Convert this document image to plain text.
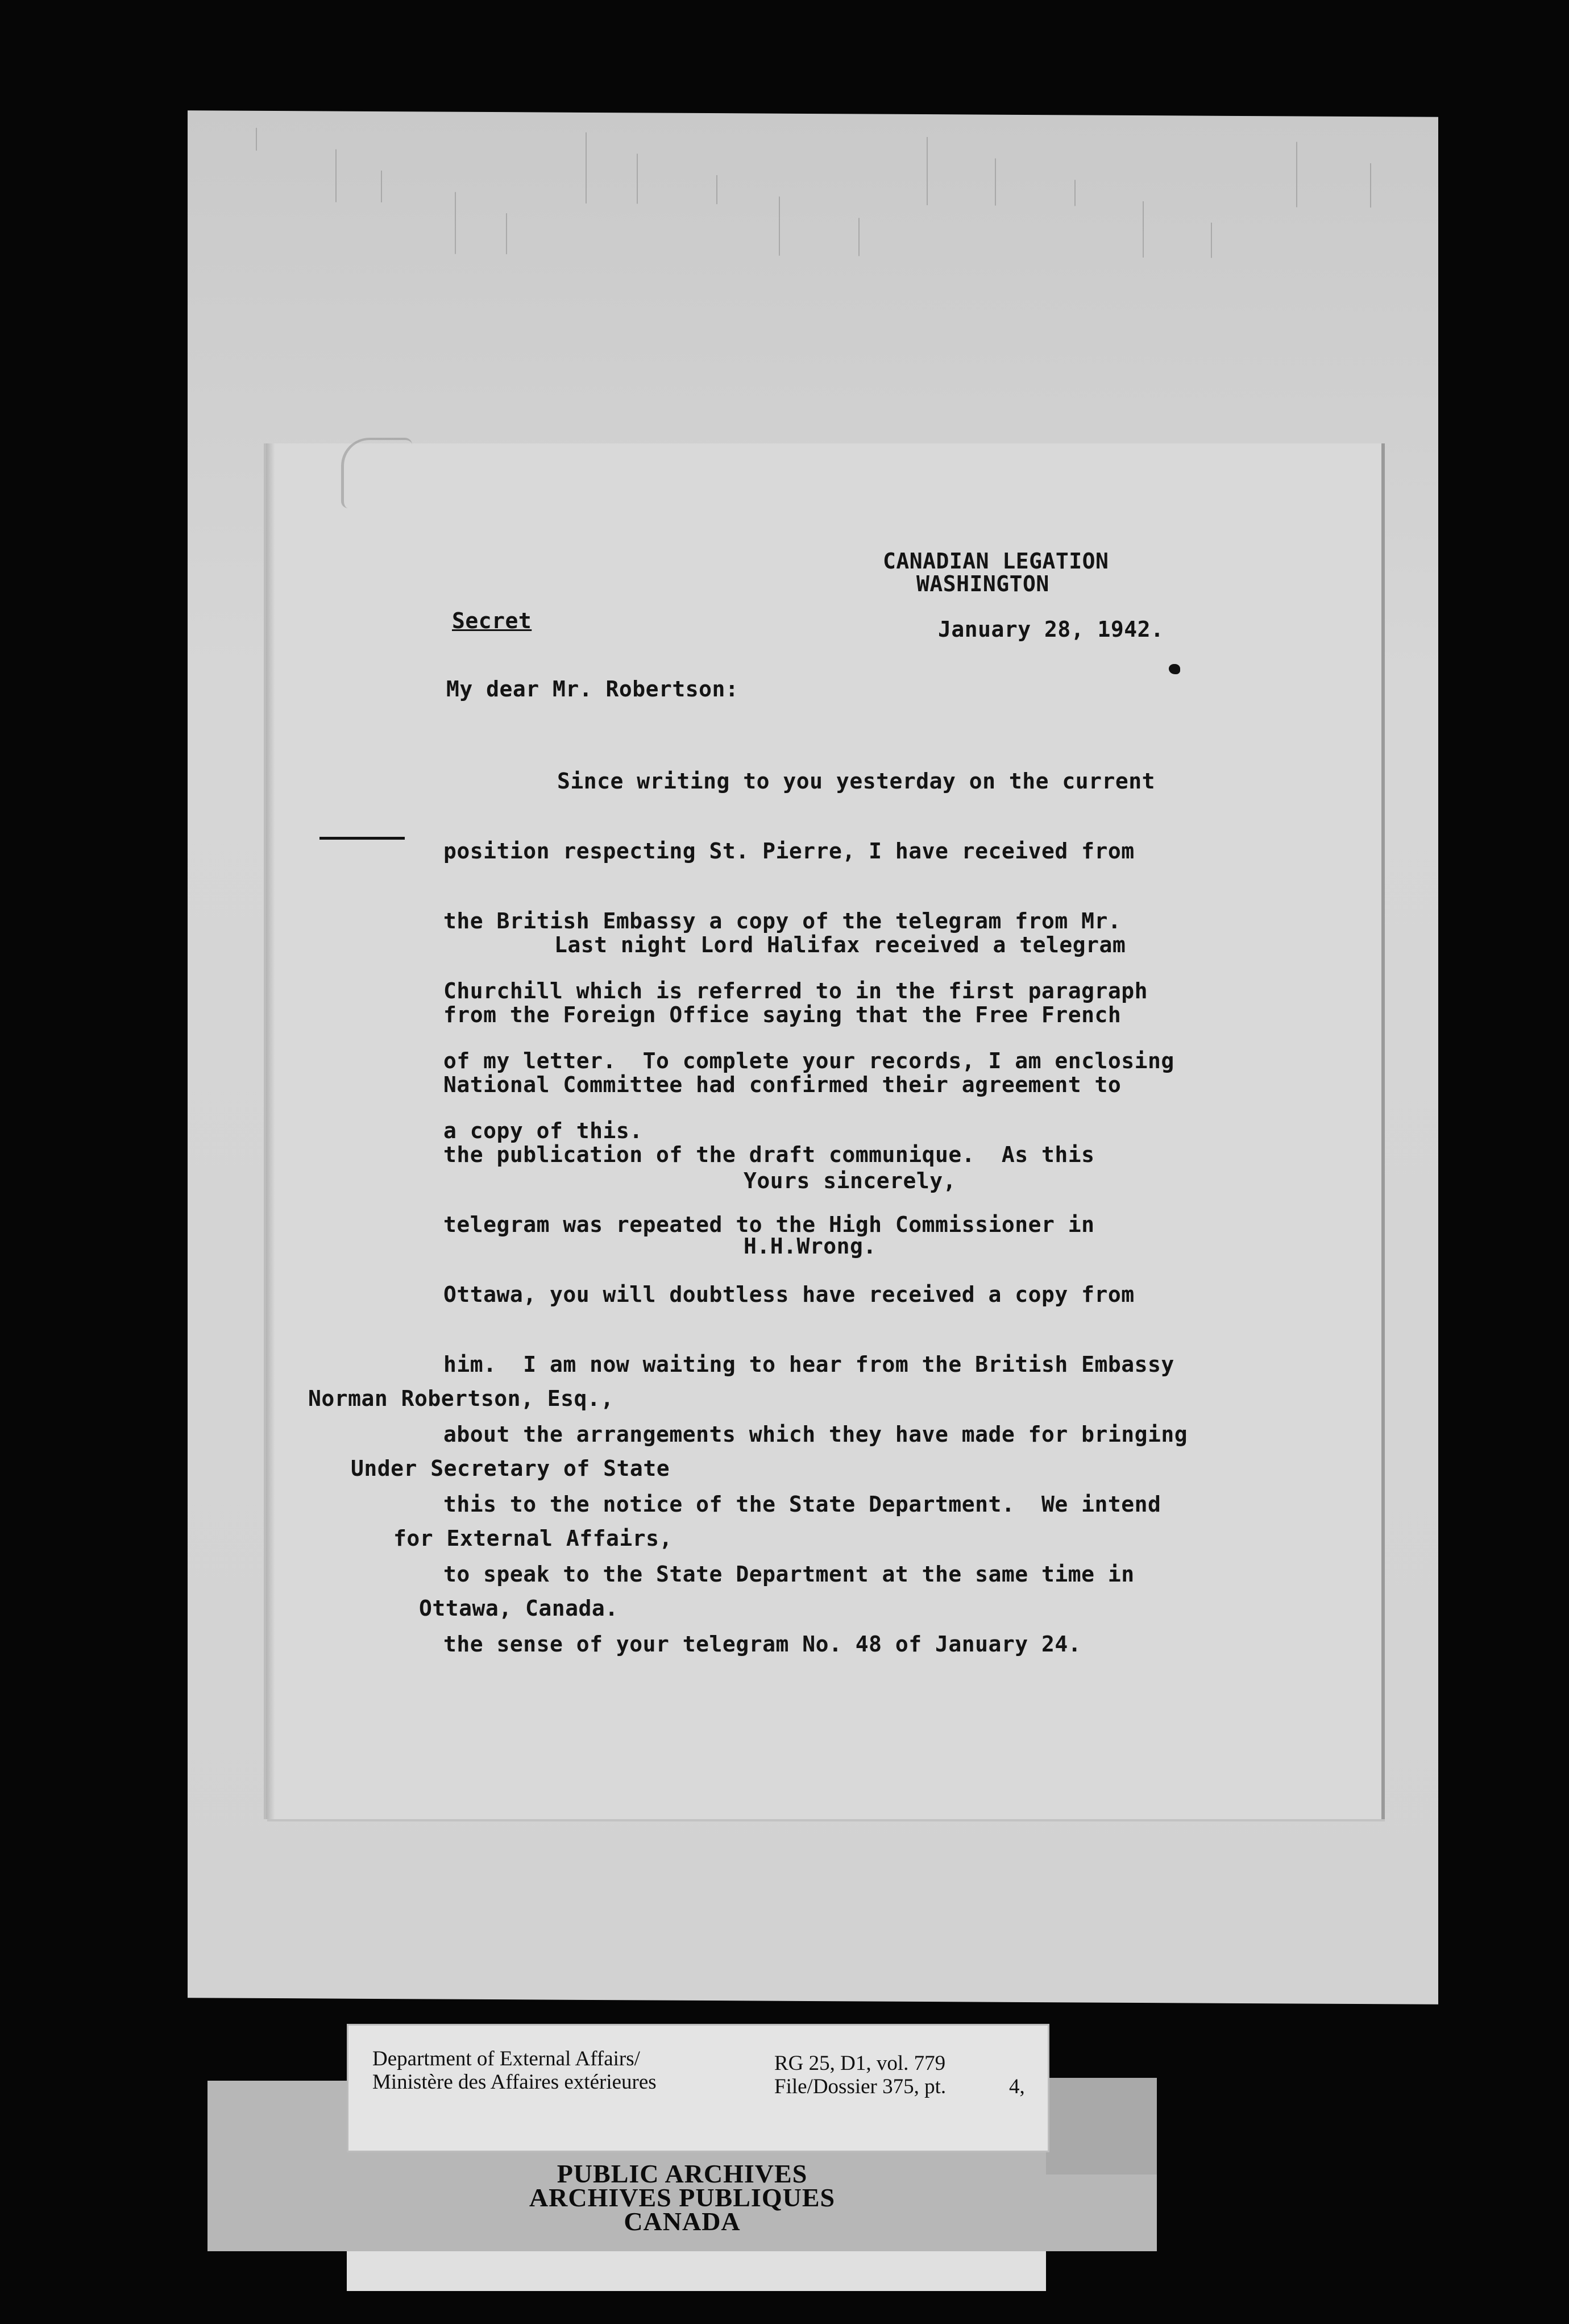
CANADIAN LEGATION
WASHINGTON
Secret	January 28, 1942.
My dear Mr. Robertson:

Since writing to you yesterday on the current

position respecting St. Pierre, I have received from

the British Embassy a copy of the telegram from Mr.

Churchill which is referred to in the first paragraph

of my letter.  To complete your records, I am enclosing

a copy of this.

Last night Lord Halifax received a telegram

from the Foreign Office saying that the Free French

National Committee had confirmed their agreement to

the publication of the draft communique.  As this

telegram was repeated to the High Commissioner in

Ottawa, you will doubtless have received a copy from

him.  I am now waiting to hear from the British Embassy

about the arrangements which they have made for bringing

this to the notice of the State Department.  We intend

to speak to the State Department at the same time in

the sense of your telegram No. 48 of January 24.

Yours sincerely,
H.H.Wrong.

Norman Robertson, Esq.,

Under Secretary of State

for External Affairs,

Ottawa, Canada.

Department of External Affairs/
Ministère des Affaires extérieures
RG 25, D1, vol. 779
File/Dossier 375, pt.	4,
PUBLIC ARCHIVES
ARCHIVES PUBLIQUES
CANADA
